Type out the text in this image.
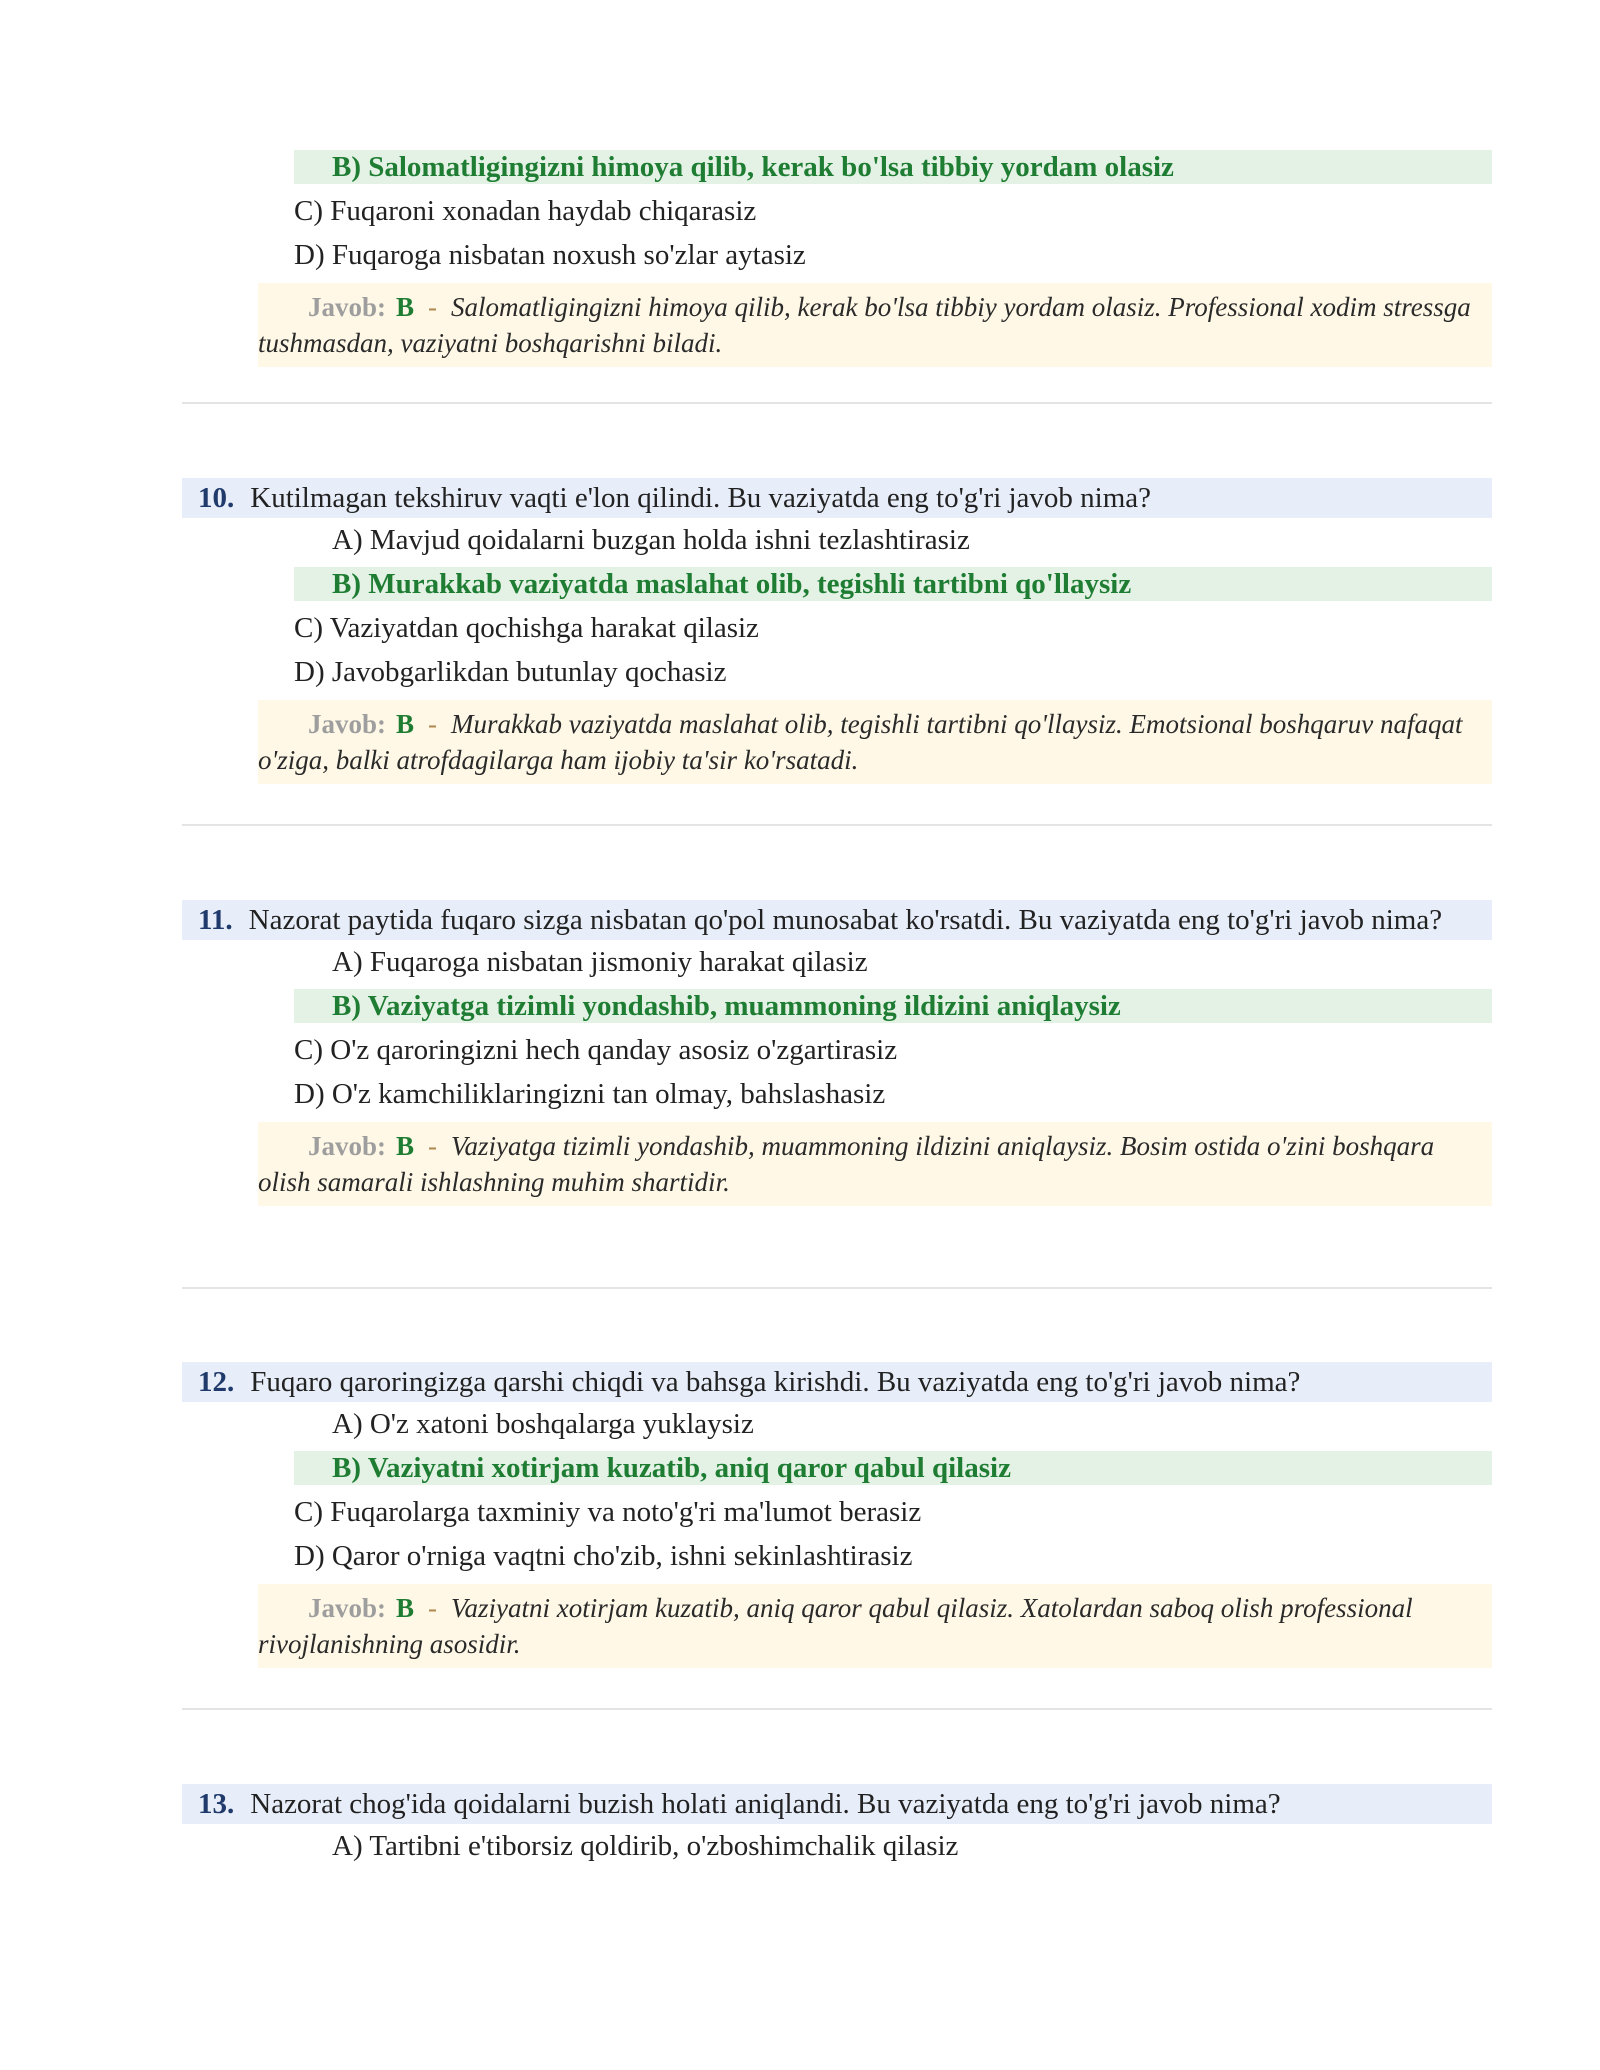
B) Salomatligingizni himoya qilib, kerak bo'lsa tibbiy yordam olasiz
C) Fuqaroni xonadan haydab chiqarasiz
D) Fuqaroga nisbatan noxush so'zlar aytasiz
Javob: B - Salomatligingizni himoya qilib, kerak bo'lsa tibbiy yordam olasiz. Professional xodim stressga tushmasdan, vaziyatni boshqarishni biladi.
10. Kutilmagan tekshiruv vaqti e'lon qilindi. Bu vaziyatda eng to'g'ri javob nima?
A) Mavjud qoidalarni buzgan holda ishni tezlashtirasiz
B) Murakkab vaziyatda maslahat olib, tegishli tartibni qo'llaysiz
C) Vaziyatdan qochishga harakat qilasiz
D) Javobgarlikdan butunlay qochasiz
Javob: B - Murakkab vaziyatda maslahat olib, tegishli tartibni qo'llaysiz. Emotsional boshqaruv nafaqat o'ziga, balki atrofdagilarga ham ijobiy ta'sir ko'rsatadi.
11. Nazorat paytida fuqaro sizga nisbatan qo'pol munosabat ko'rsatdi. Bu vaziyatda eng to'g'ri javob nima?
A) Fuqaroga nisbatan jismoniy harakat qilasiz
B) Vaziyatga tizimli yondashib, muammoning ildizini aniqlaysiz
C) O'z qaroringizni hech qanday asosiz o'zgartirasiz
D) O'z kamchiliklaringizni tan olmay, bahslashasiz
Javob: B - Vaziyatga tizimli yondashib, muammoning ildizini aniqlaysiz. Bosim ostida o'zini boshqara olish samarali ishlashning muhim shartidir.
12. Fuqaro qaroringizga qarshi chiqdi va bahsga kirishdi. Bu vaziyatda eng to'g'ri javob nima?
A) O'z xatoni boshqalarga yuklaysiz
B) Vaziyatni xotirjam kuzatib, aniq qaror qabul qilasiz
C) Fuqarolarga taxminiy va noto'g'ri ma'lumot berasiz
D) Qaror o'rniga vaqtni cho'zib, ishni sekinlashtirasiz
Javob: B - Vaziyatni xotirjam kuzatib, aniq qaror qabul qilasiz. Xatolardan saboq olish professional rivojlanishning asosidir.
13. Nazorat chog'ida qoidalarni buzish holati aniqlandi. Bu vaziyatda eng to'g'ri javob nima?
A) Tartibni e'tiborsiz qoldirib, o'zboshimchalik qilasiz
